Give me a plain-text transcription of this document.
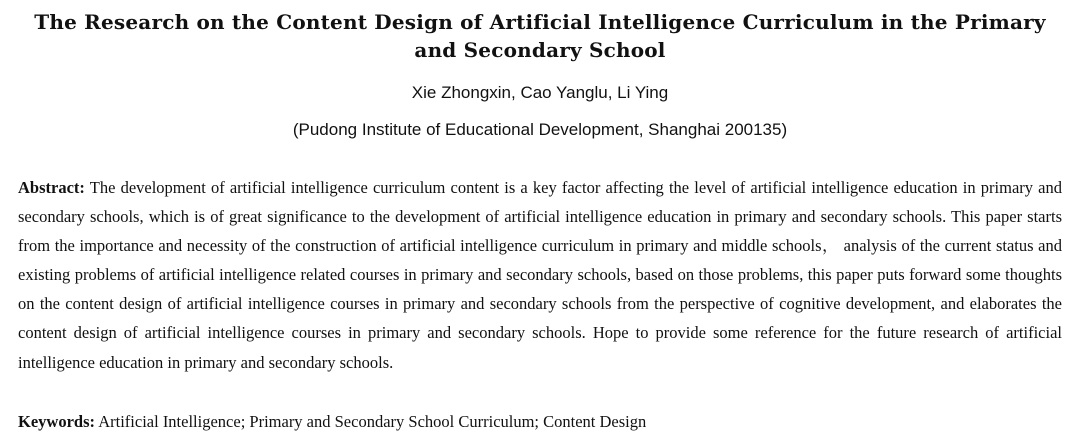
The Research on the Content Design of Artificial Intelligence Curriculum in the Primary and Secondary School
Xie Zhongxin, Cao Yanglu, Li Ying
(Pudong Institute of Educational Development, Shanghai 200135)

Abstract: The development of artificial intelligence curriculum content is a key factor affecting the level of artificial intelligence education in primary and secondary schools, which is of great significance to the development of artificial intelligence education in primary and secondary schools. This paper starts from the importance and necessity of the construction of artificial intelligence curriculum in primary and middle schools， analysis of the current status and existing problems of artificial intelligence related courses in primary and secondary schools, based on those problems, this paper puts forward some thoughts on the content design of artificial intelligence courses in primary and secondary schools from the perspective of cognitive development, and elaborates the content design of artificial intelligence courses in primary and secondary schools. Hope to provide some reference for the future research of artificial intelligence education in primary and secondary schools.

Keywords: Artificial Intelligence; Primary and Secondary School Curriculum; Content Design
